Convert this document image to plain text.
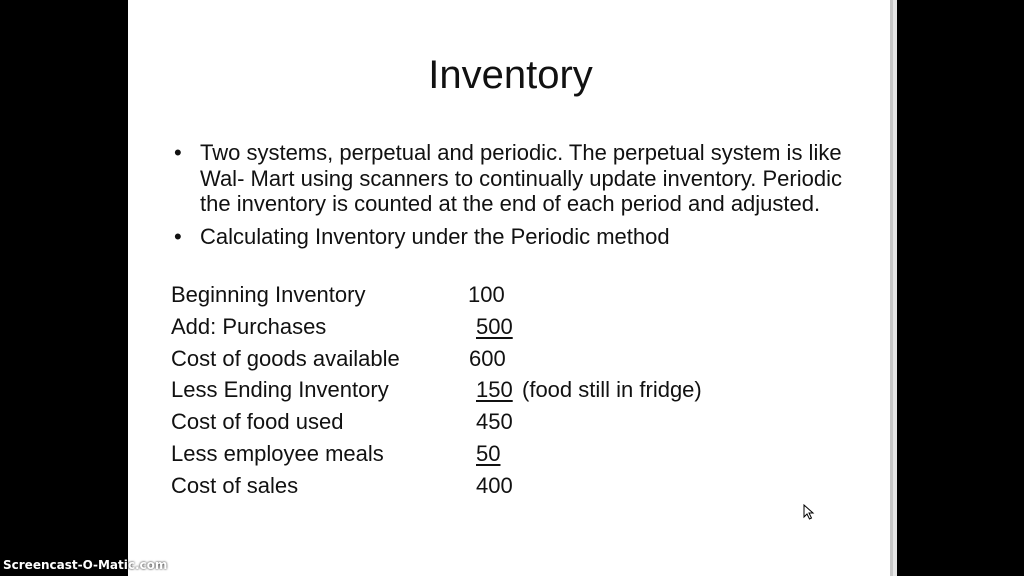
Inventory
• Two systems, perpetual and periodic. The perpetual system is like Wal- Mart using scanners to continually update inventory. Periodic the inventory is counted at the end of each period and adjusted.
• Calculating Inventory under the Periodic method
Beginning Inventory	100
Add: Purchases	500
Cost of goods available	600
Less Ending Inventory	150 (food still in fridge)
Cost of food used	450
Less employee meals	50
Cost of sales	400
Screencast-O-Matic.com
